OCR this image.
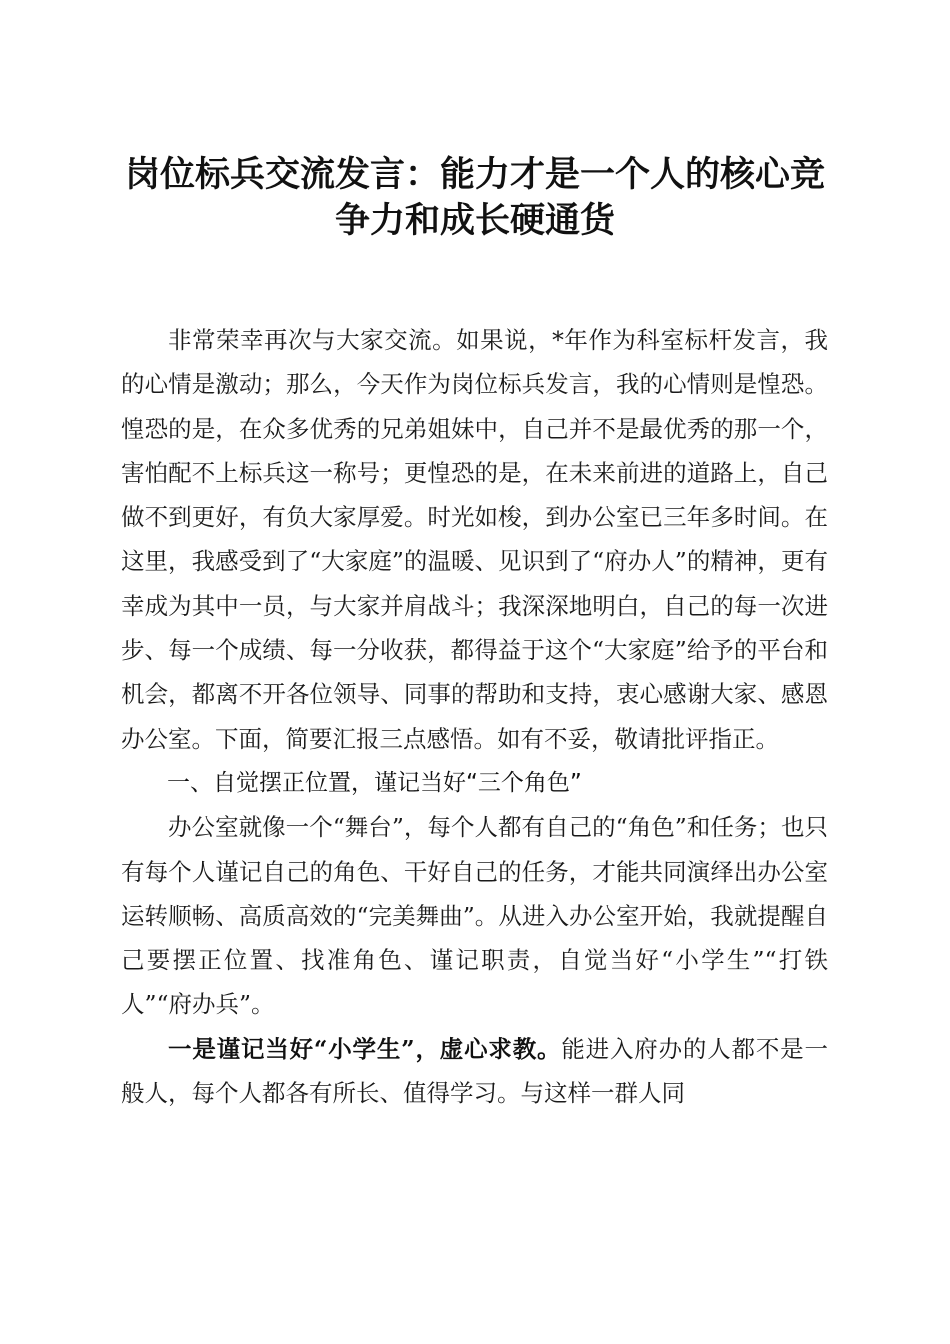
岗位标兵交流发言：能力才是一个人的核心竞
争力和成长硬通货

非常荣幸再次与大家交流。如果说，*年作为科室标杆发言，我的心情是激动；那么，今天作为岗位标兵发言，我的心情则是惶恐。惶恐的是，在众多优秀的兄弟姐妹中，自己并不是最优秀的那一个，害怕配不上标兵这一称号；更惶恐的是，在未来前进的道路上，自己做不到更好，有负大家厚爱。时光如梭，到办公室已三年多时间。在这里，我感受到了“大家庭”的温暖、见识到了“府办人”的精神，更有幸成为其中一员，与大家并肩战斗；我深深地明白，自己的每一次进步、每一个成绩、每一分收获，都得益于这个“大家庭”给予的平台和机会，都离不开各位领导、同事的帮助和支持，衷心感谢大家、感恩办公室。下面，简要汇报三点感悟。如有不妥，敬请批评指正。

一、自觉摆正位置，谨记当好“三个角色”

办公室就像一个“舞台”，每个人都有自己的“角色”和任务；也只有每个人谨记自己的角色、干好自己的任务，才能共同演绎出办公室运转顺畅、高质高效的“完美舞曲”。从进入办公室开始，我就提醒自己要摆正位置、找准角色、谨记职责，自觉当好“小学生”“打铁人”“府办兵”。

一是谨记当好“小学生”，虚心求教。能进入府办的人都不是一般人，每个人都各有所长、值得学习。与这样一群人同
